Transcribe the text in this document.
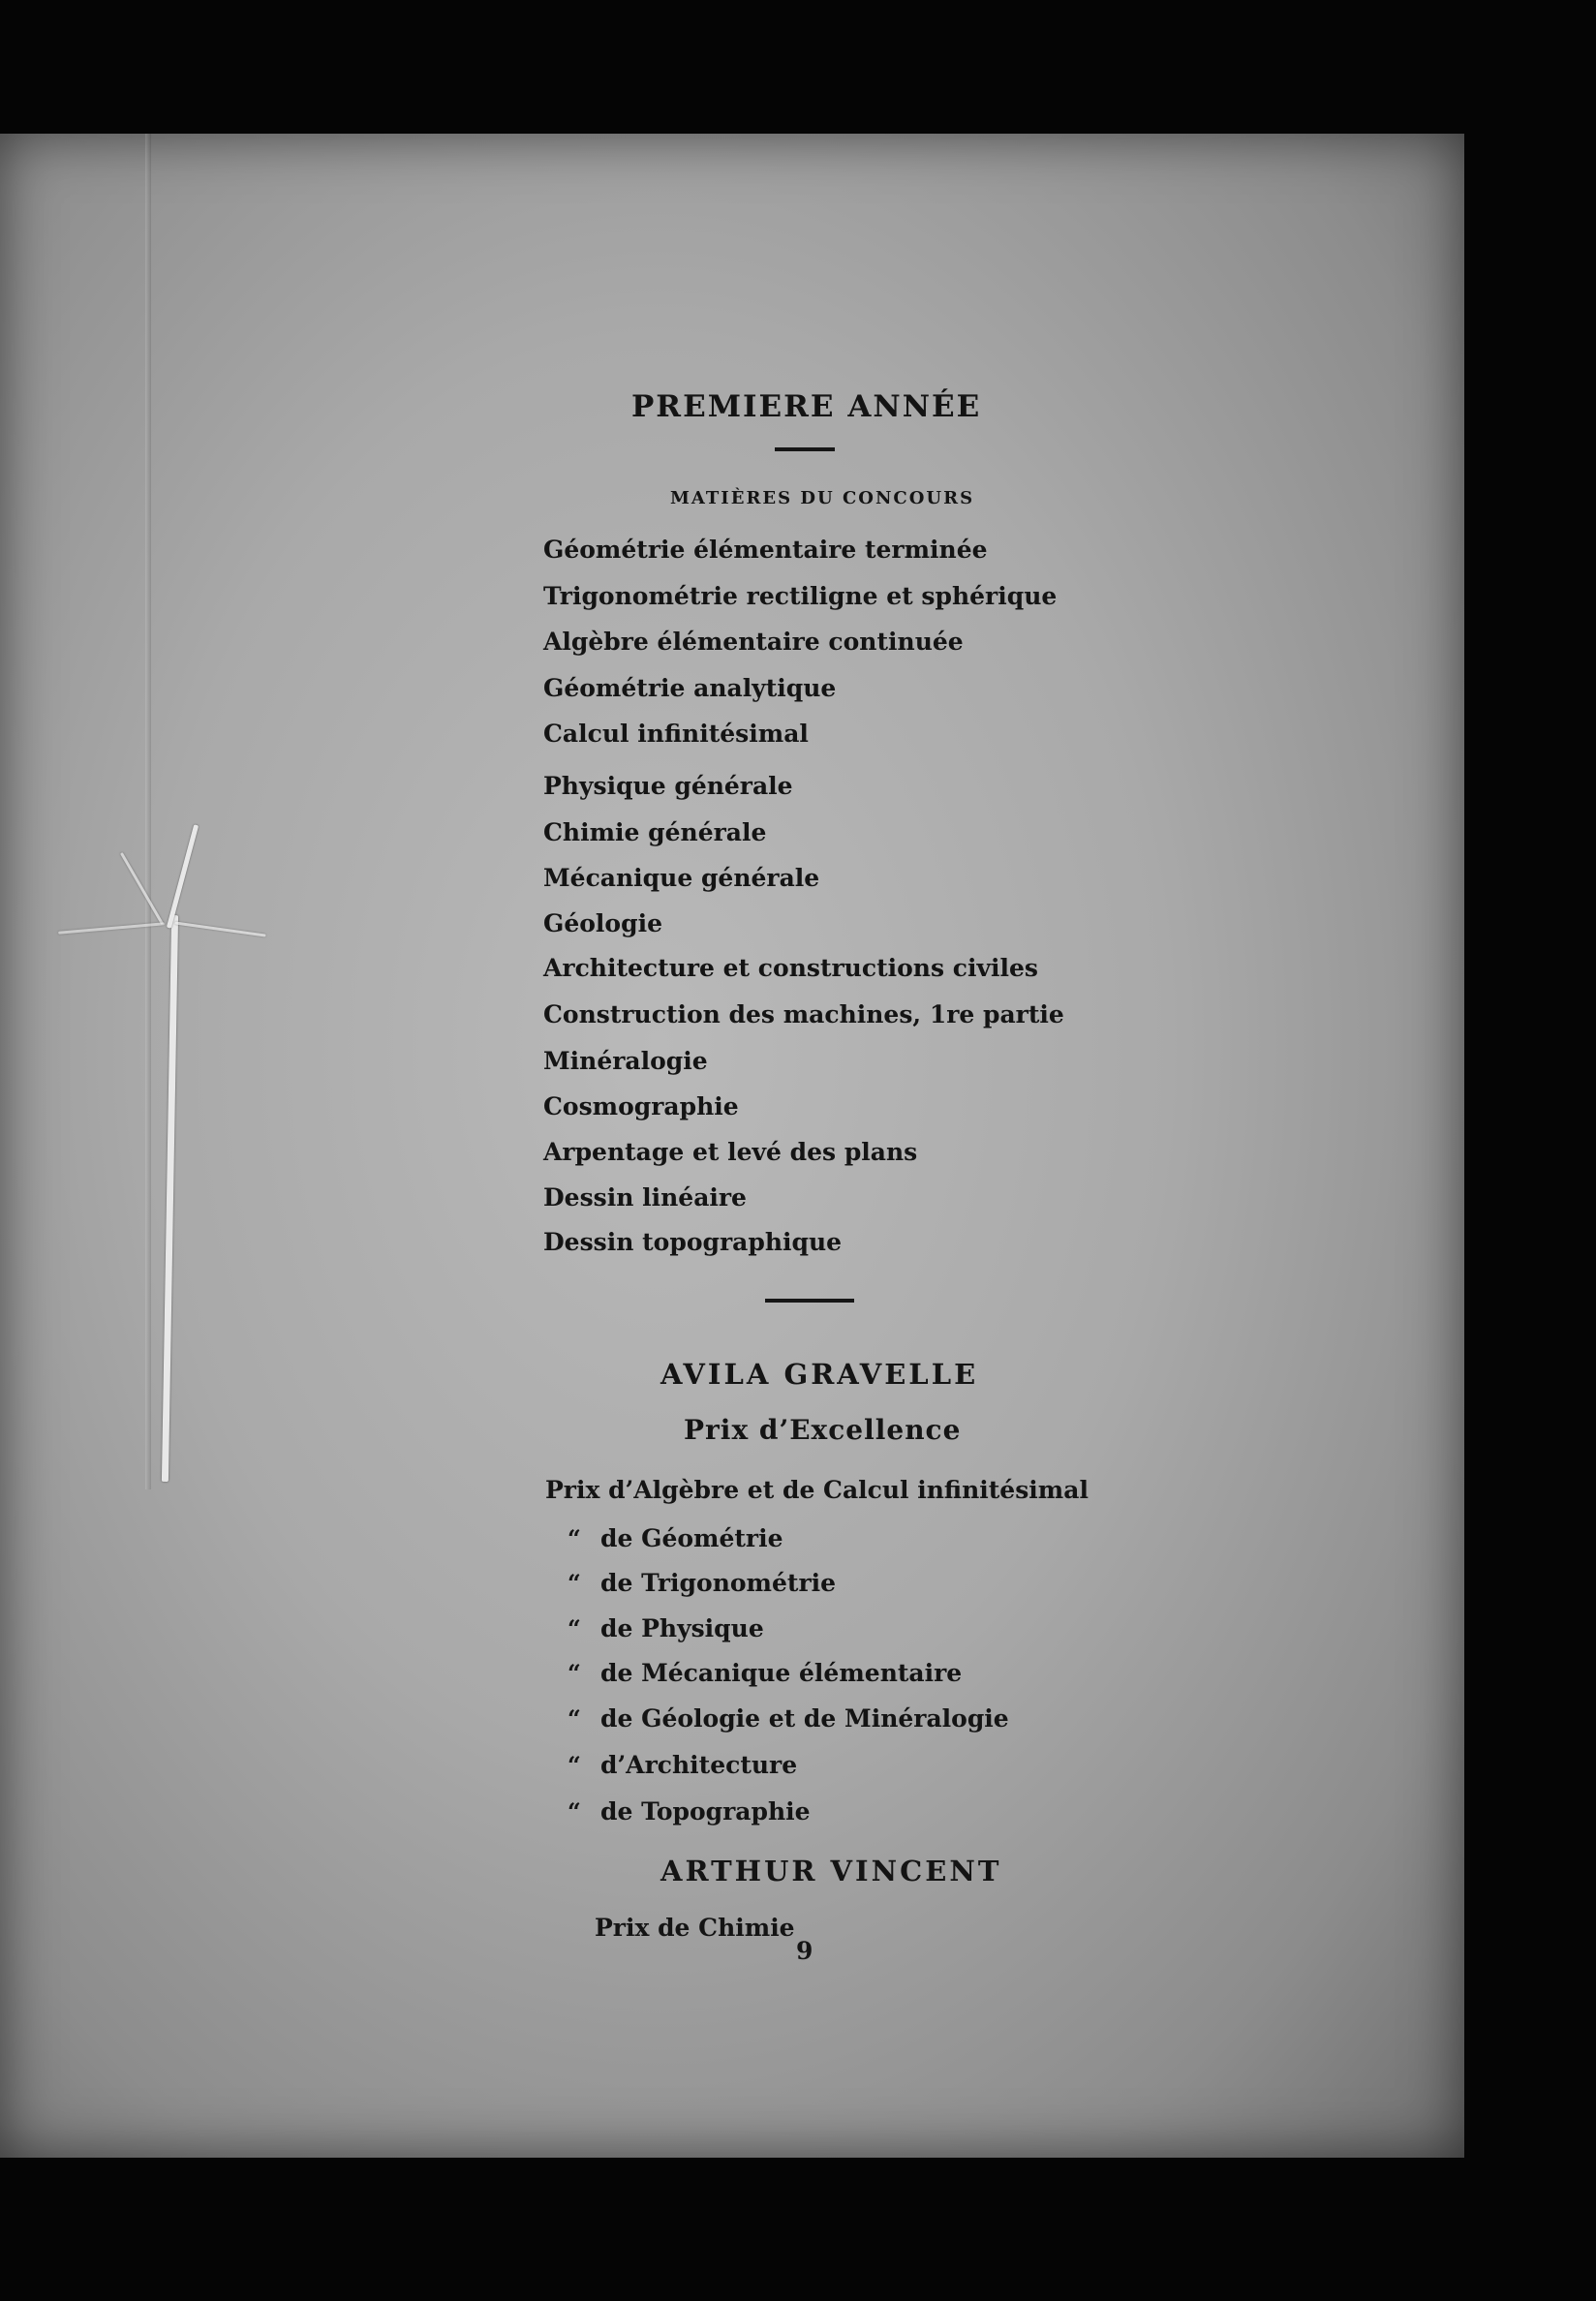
PREMIERE ANNÉE
MATIÈRES DU CONCOURS
Géométrie élémentaire terminée
Trigonométrie rectiligne et sphérique
Algèbre élémentaire continuée
Géométrie analytique
Calcul infinitésimal
Physique générale
Chimie générale
Mécanique générale
Géologie
Architecture et constructions civiles
Construction des machines, 1re partie
Minéralogie
Cosmographie
Arpentage et levé des plans
Dessin linéaire
Dessin topographique
AVILA GRAVELLE
Prix d’Excellence
Prix d’Algèbre et de Calcul infinitésimal
“ de Géométrie
“ de Trigonométrie
“ de Physique
“ de Mécanique élémentaire
“ de Géologie et de Minéralogie
“ d’Architecture
“ de Topographie
ARTHUR VINCENT
Prix de Chimie
9
